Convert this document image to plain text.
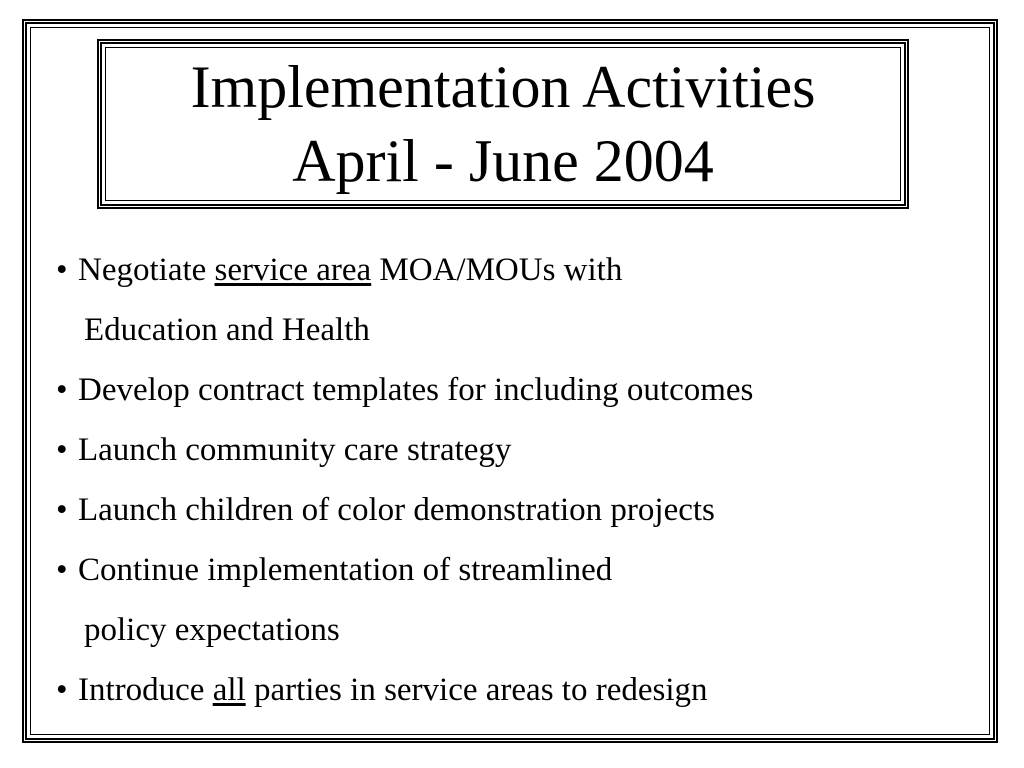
Implementation Activities
April - June 2004
• Negotiate service area MOA/MOUs with
Education and Health
• Develop contract templates for including outcomes
• Launch community care strategy
• Launch children of color demonstration projects
• Continue implementation of streamlined
policy expectations
• Introduce all parties in service areas to redesign
